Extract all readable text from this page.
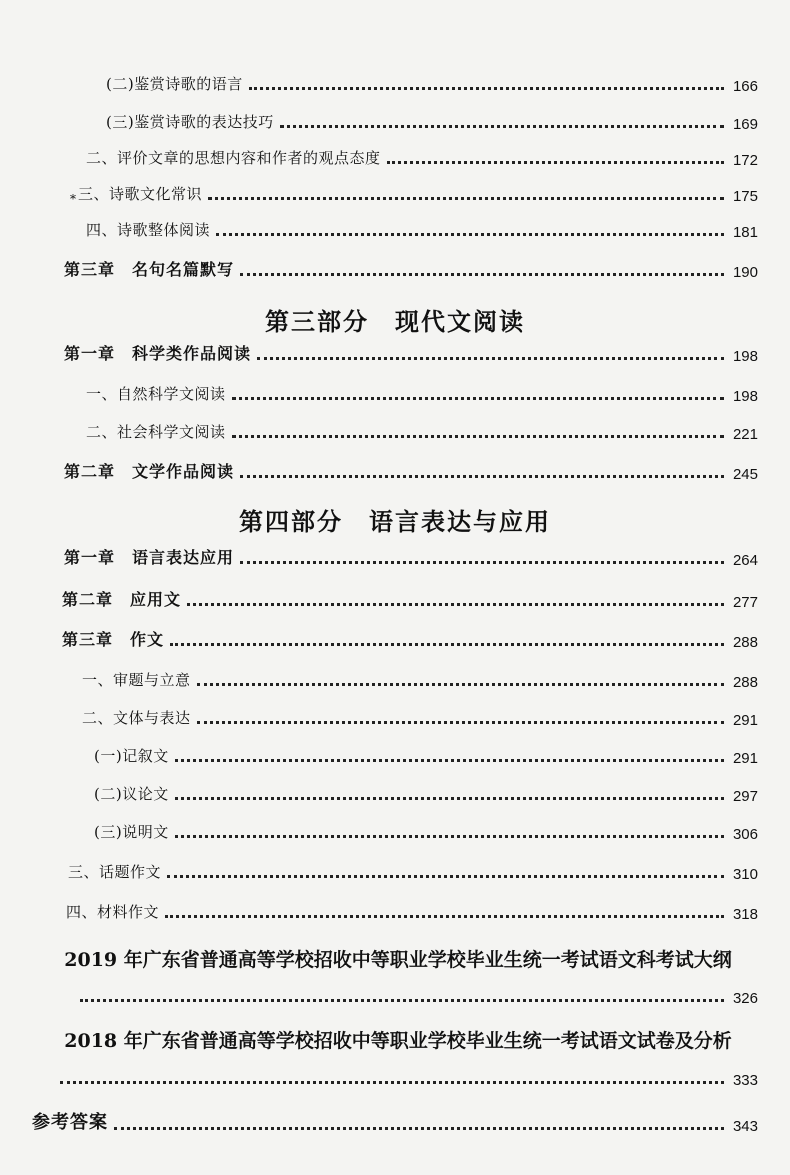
(二)鉴赏诗歌的语言	166
(三)鉴赏诗歌的表达技巧	169
二、评价文章的思想内容和作者的观点态度	172
* 三、诗歌文化常识	175
四、诗歌整体阅读	181
第三章　名句名篇默写	190
第三部分　现代文阅读
第一章　科学类作品阅读	198
一、自然科学文阅读	198
二、社会科学文阅读	221
第二章　文学作品阅读	245
第四部分　语言表达与应用
第一章　语言表达应用	264
第二章　应用文	277
第三章　作文	288
一、审题与立意	288
二、文体与表达	291
(一)记叙文	291
(二)议论文	297
(三)说明文	306
三、话题作文	310
四、材料作文	318
2019 年广东省普通高等学校招收中等职业学校毕业生统一考试语文科考试大纲
326
2018 年广东省普通高等学校招收中等职业学校毕业生统一考试语文试卷及分析
333
参考答案	343
